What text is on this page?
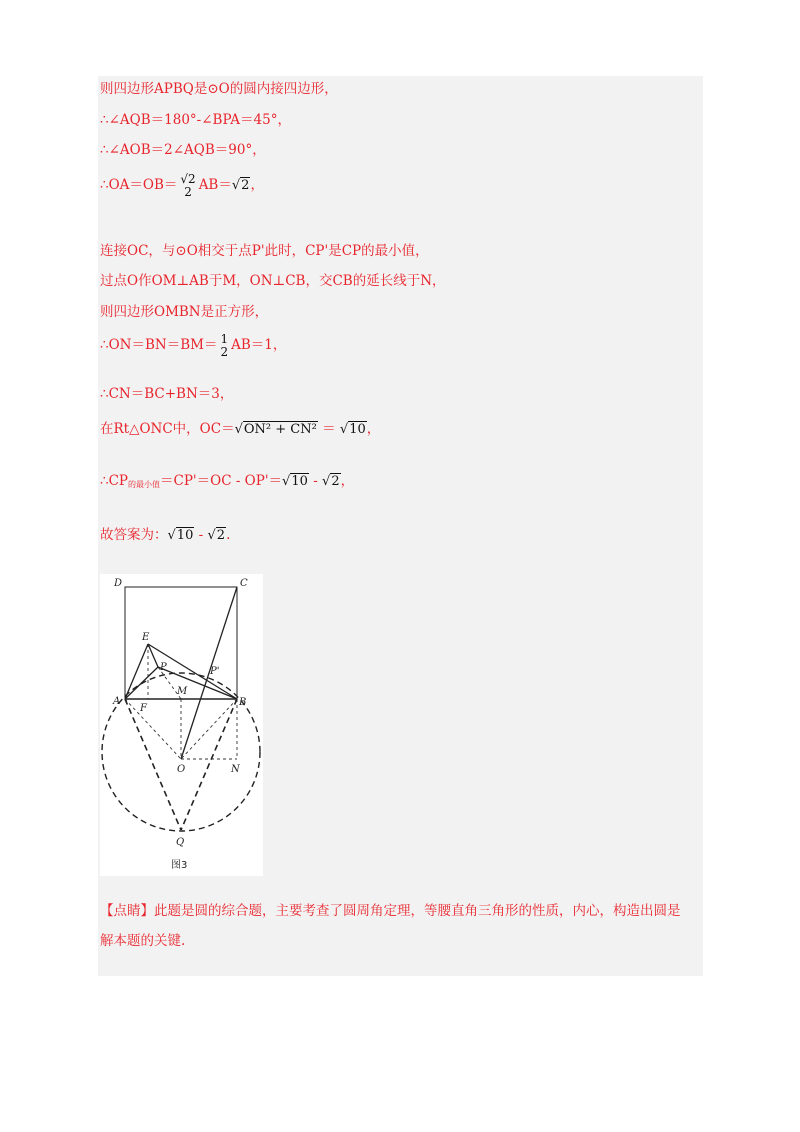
则四边形APBQ是⊙O的圆内接四边形，
∴∠AQB＝180°-∠BPA＝45°，
∴∠AOB＝2∠AQB＝90°，
∴OA＝OB＝ √2
2 AB＝√2，
连接OC，与⊙O相交于点P'此时，CP'是CP的最小值，
过点O作OM⊥AB于M，ON⊥CB，交CB的延长线于N，
则四边形OMBN是正方形，
∴ON＝BN＝BM＝ 1
2 AB＝1，
∴CN＝BC+BN＝3，
在Rt△ONC中，OC＝√ON² + CN² ＝ √10，
$\therefore CP_{的最小值}=CP'=OC - OP'=√10 - √2$，
故答案为：√10 - √2.
D	C
E
P	P'
M
A
F
B
O	N
Q
图3
【点睛】此题是圆的综合题，主要考查了圆周角定理，等腰直角三角形的性质，内心，构造出圆是解本题的关键.
